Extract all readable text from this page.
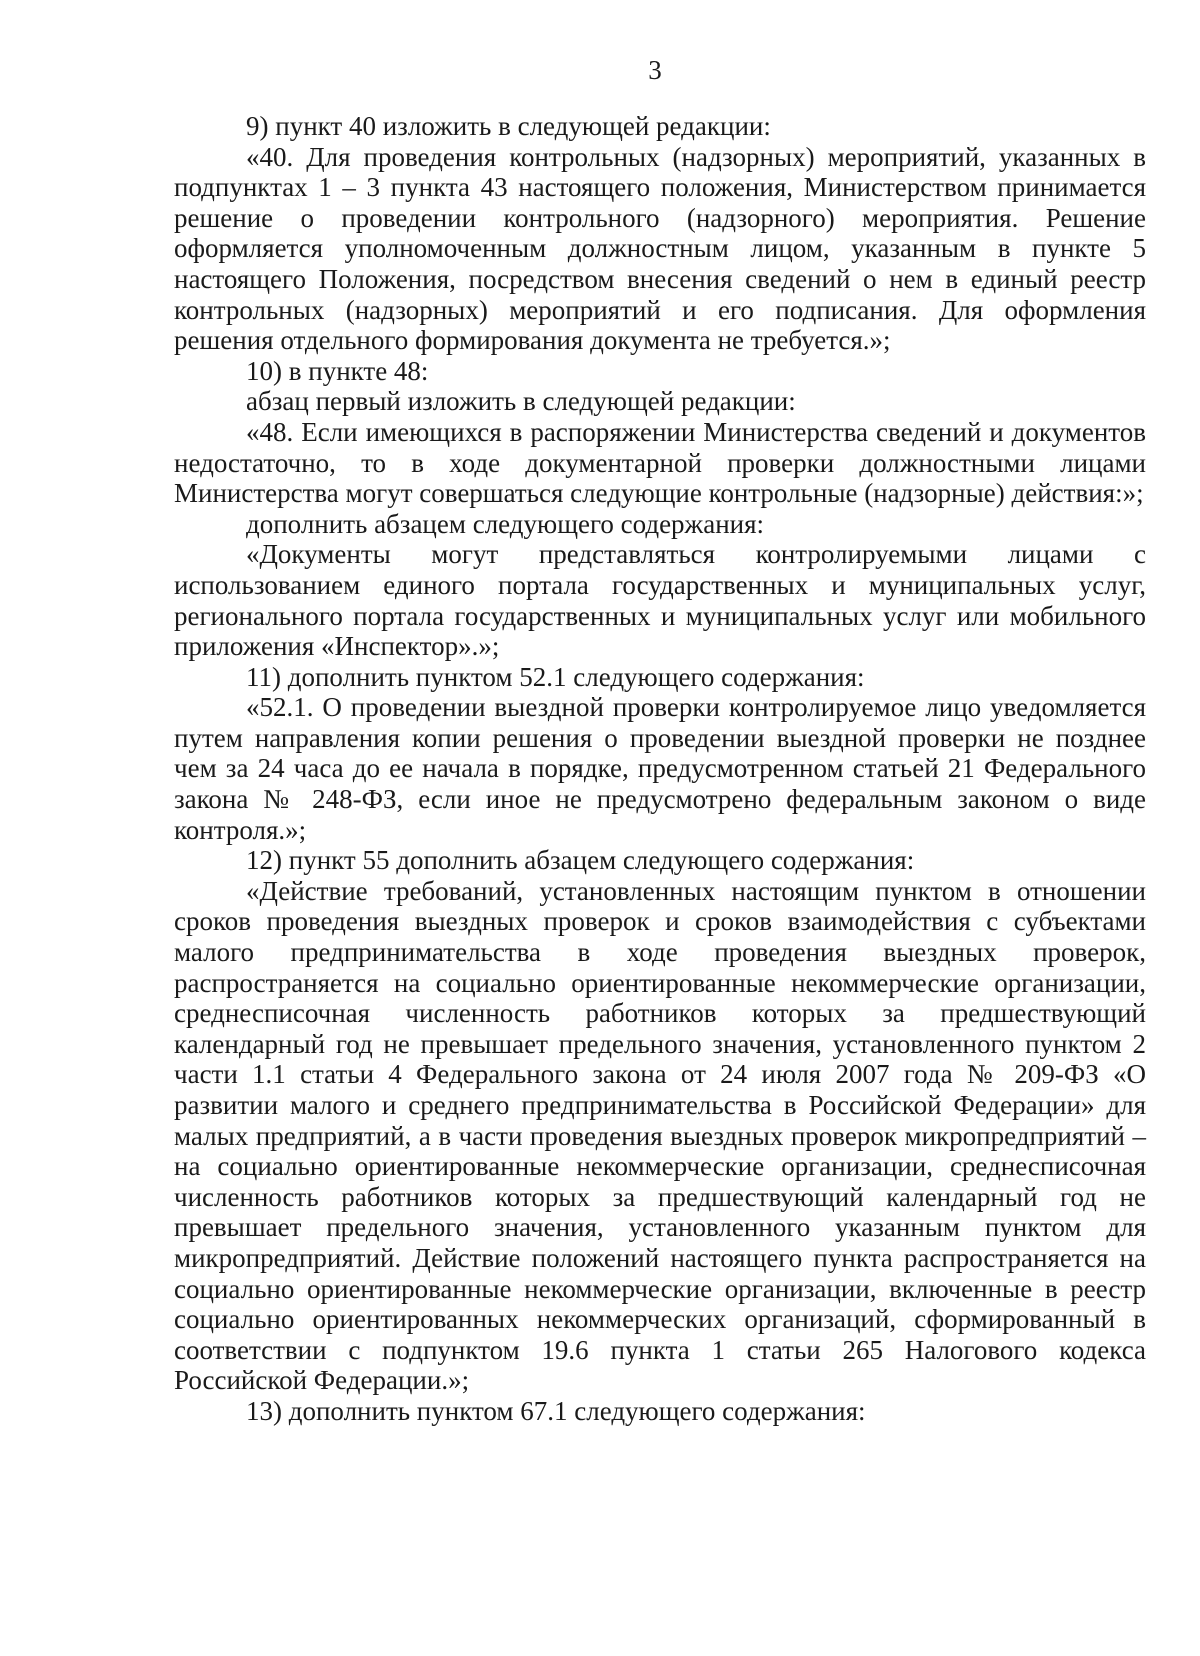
3

9) пункт 40 изложить в следующей редакции:

«40. Для проведения контрольных (надзорных) мероприятий, указанных в подпунктах 1 – 3 пункта 43 настоящего положения, Министерством принимается решение о проведении контрольного (надзорного) мероприятия. Решение оформляется уполномоченным должностным лицом, указанным в пункте 5 настоящего Положения, посредством внесения сведений о нем в единый реестр контрольных (надзорных) мероприятий и его подписания. Для оформления решения отдельного формирования документа не требуется.»;

10) в пункте 48:

абзац первый изложить в следующей редакции:

«48. Если имеющихся в распоряжении Министерства сведений и документов недостаточно, то в ходе документарной проверки должностными лицами Министерства могут совершаться следующие контрольные (надзорные) действия:»;

дополнить абзацем следующего содержания:

«Документы могут представляться контролируемыми лицами с использованием единого портала государственных и муниципальных услуг, регионального портала государственных и муниципальных услуг или мобильного приложения «Инспектор».»;

11) дополнить пунктом 52.1 следующего содержания:

«52.1. О проведении выездной проверки контролируемое лицо уведомляется путем направления копии решения о проведении выездной проверки не позднее чем за 24 часа до ее начала в порядке, предусмотренном статьей 21 Федерального закона № 248-ФЗ, если иное не предусмотрено федеральным законом о виде контроля.»;

12) пункт 55 дополнить абзацем следующего содержания:

«Действие требований, установленных настоящим пунктом в отношении сроков проведения выездных проверок и сроков взаимодействия с субъектами малого предпринимательства в ходе проведения выездных проверок, распространяется на социально ориентированные некоммерческие организации, среднесписочная численность работников которых за предшествующий календарный год не превышает предельного значения, установленного пунктом 2 части 1.1 статьи 4 Федерального закона от 24 июля 2007 года № 209-ФЗ «О развитии малого и среднего предпринимательства в Российской Федерации» для малых предприятий, а в части проведения выездных проверок микропредприятий – на социально ориентированные некоммерческие организации, среднесписочная численность работников которых за предшествующий календарный год не превышает предельного значения, установленного указанным пунктом для микропредприятий. Действие положений настоящего пункта распространяется на социально ориентированные некоммерческие организации, включенные в реестр социально ориентированных некоммерческих организаций, сформированный в соответствии с подпунктом 19.6 пункта 1 статьи 265 Налогового кодекса Российской Федерации.»;

13) дополнить пунктом 67.1 следующего содержания:
